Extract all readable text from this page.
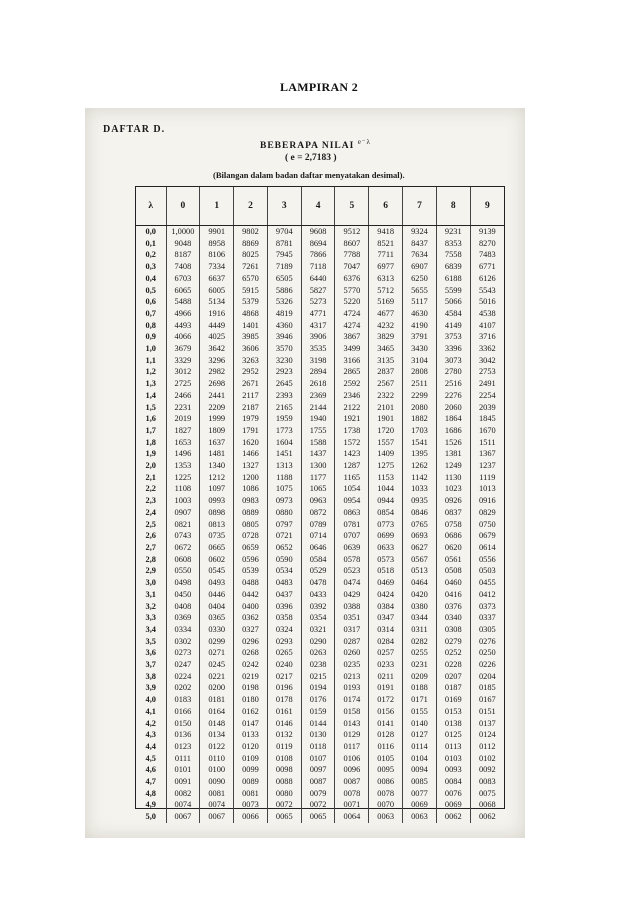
LAMPIRAN 2
DAFTAR D.
BEBERAPA NILAI $^{e^-\lambda}$
( e = 2,7183 )
(Bilangan dalam badan daftar menyatakan desimal).
λ	0	1	2	3	4	5	6	7	8	9
0,0	1,0000	9901	9802	9704	9608	9512	9418	9324	9231	9139
0,1	9048	8958	8869	8781	8694	8607	8521	8437	8353	8270
0,2	8187	8106	8025	7945	7866	7788	7711	7634	7558	7483
0,3	7408	7334	7261	7189	7118	7047	6977	6907	6839	6771
0,4	6703	6637	6570	6505	6440	6376	6313	6250	6188	6126
0,5	6065	6005	5915	5886	5827	5770	5712	5655	5599	5543
0,6	5488	5134	5379	5326	5273	5220	5169	5117	5066	5016
0,7	4966	1916	4868	4819	4771	4724	4677	4630	4584	4538
0,8	4493	4449	1401	4360	4317	4274	4232	4190	4149	4107
0,9	4066	4025	3985	3946	3906	3867	3829	3791	3753	3716
1,0	3679	3642	3606	3570	3535	3499	3465	3430	3396	3362
1,1	3329	3296	3263	3230	3198	3166	3135	3104	3073	3042
1,2	3012	2982	2952	2923	2894	2865	2837	2808	2780	2753
1,3	2725	2698	2671	2645	2618	2592	2567	2511	2516	2491
1,4	2466	2441	2117	2393	2369	2346	2322	2299	2276	2254
1,5	2231	2209	2187	2165	2144	2122	2101	2080	2060	2039
1,6	2019	1999	1979	1959	1940	1921	1901	1882	1864	1845
1,7	1827	1809	1791	1773	1755	1738	1720	1703	1686	1670
1,8	1653	1637	1620	1604	1588	1572	1557	1541	1526	1511
1,9	1496	1481	1466	1451	1437	1423	1409	1395	1381	1367
2,0	1353	1340	1327	1313	1300	1287	1275	1262	1249	1237
2,1	1225	1212	1200	1188	1177	1165	1153	1142	1130	1119
2,2	1108	1097	1086	1075	1065	1054	1044	1033	1023	1013
2,3	1003	0993	0983	0973	0963	0954	0944	0935	0926	0916
2,4	0907	0898	0889	0880	0872	0863	0854	0846	0837	0829
2,5	0821	0813	0805	0797	0789	0781	0773	0765	0758	0750
2,6	0743	0735	0728	0721	0714	0707	0699	0693	0686	0679
2,7	0672	0665	0659	0652	0646	0639	0633	0627	0620	0614
2,8	0608	0602	0596	0590	0584	0578	0573	0567	0561	0556
2,9	0550	0545	0539	0534	0529	0523	0518	0513	0508	0503
3,0	0498	0493	0488	0483	0478	0474	0469	0464	0460	0455
3,1	0450	0446	0442	0437	0433	0429	0424	0420	0416	0412
3,2	0408	0404	0400	0396	0392	0388	0384	0380	0376	0373
3,3	0369	0365	0362	0358	0354	0351	0347	0344	0340	0337
3,4	0334	0330	0327	0324	0321	0317	0314	0311	0308	0305
3,5	0302	0299	0296	0293	0290	0287	0284	0282	0279	0276
3,6	0273	0271	0268	0265	0263	0260	0257	0255	0252	0250
3,7	0247	0245	0242	0240	0238	0235	0233	0231	0228	0226
3,8	0224	0221	0219	0217	0215	0213	0211	0209	0207	0204
3,9	0202	0200	0198	0196	0194	0193	0191	0188	0187	0185
4,0	0183	0181	0180	0178	0176	0174	0172	0171	0169	0167
4,1	0166	0164	0162	0161	0159	0158	0156	0155	0153	0151
4,2	0150	0148	0147	0146	0144	0143	0141	0140	0138	0137
4,3	0136	0134	0133	0132	0130	0129	0128	0127	0125	0124
4,4	0123	0122	0120	0119	0118	0117	0116	0114	0113	0112
4,5	0111	0110	0109	0108	0107	0106	0105	0104	0103	0102
4,6	0101	0100	0099	0098	0097	0096	0095	0094	0093	0092
4,7	0091	0090	0089	0088	0087	0087	0086	0085	0084	0083
4,8	0082	0081	0081	0080	0079	0078	0078	0077	0076	0075
4,9	0074	0074	0073	0072	0072	0071	0070	0069	0069	0068
5,0	0067	0067	0066	0065	0065	0064	0063	0063	0062	0062
